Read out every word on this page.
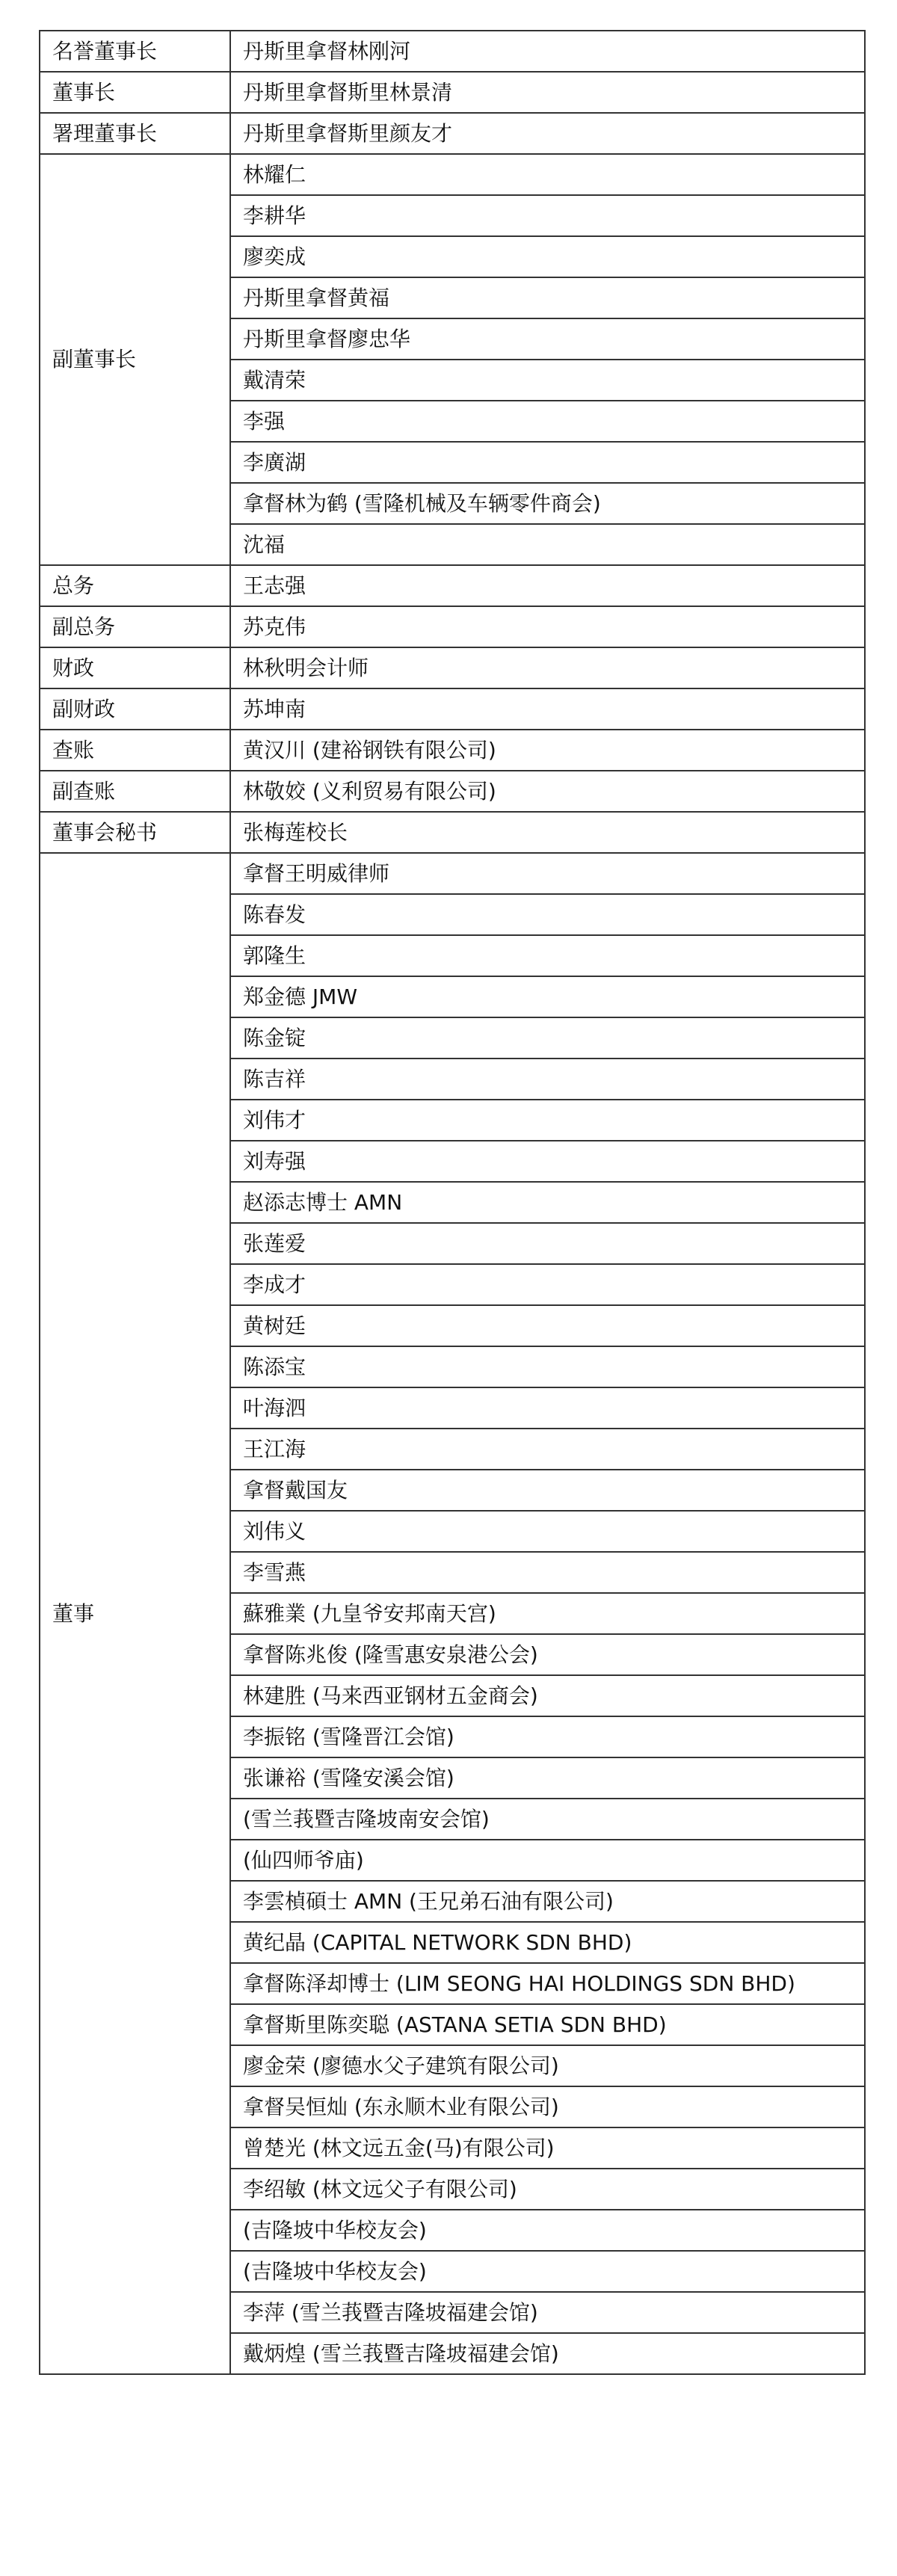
名誉董事长	丹斯里拿督林刚河
董事长	丹斯里拿督斯里林景清
署理董事长	丹斯里拿督斯里颜友才
副董事长	林耀仁
	李耕华
	廖奕成
	丹斯里拿督黄福
	丹斯里拿督廖忠华
	戴清荣
	李强
	李廣湖
	拿督林为鹤 (雪隆机械及车辆零件商会)
	沈福
总务	王志强
副总务	苏克伟
财政	林秋明会计师
副财政	苏坤南
查账	黄汉川 (建裕钢铁有限公司)
副查账	林敬姣 (义利贸易有限公司)
董事会秘书	张梅莲校长
董事	拿督王明威律师
	陈春发
	郭隆生
	郑金德 JMW
	陈金锭
	陈吉祥
	刘伟才
	刘寿强
	赵添志博士 AMN
	张莲爱
	李成才
	黄树廷
	陈添宝
	叶海泗
	王江海
	拿督戴国友
	刘伟义
	李雪燕
	蘇雅業 (九皇爷安邦南天宫)
	拿督陈兆俊 (隆雪惠安泉港公会)
	林建胜 (马来西亚钢材五金商会)
	李振铭 (雪隆晋江会馆)
	张谦裕 (雪隆安溪会馆)
	(雪兰莪暨吉隆坡南安会馆)
	(仙四师爷庙)
	李雲楨碩士 AMN (王兄弟石油有限公司)
	黄纪晶 (CAPITAL NETWORK SDN BHD)
	拿督陈泽却博士 (LIM SEONG HAI HOLDINGS SDN BHD)
	拿督斯里陈奕聪 (ASTANA SETIA SDN BHD)
	廖金荣 (廖德水父子建筑有限公司)
	拿督吴恒灿 (东永顺木业有限公司)
	曾楚光 (林文远五金(马)有限公司)
	李绍敏 (林文远父子有限公司)
	(吉隆坡中华校友会)
	(吉隆坡中华校友会)
	李萍 (雪兰莪暨吉隆坡福建会馆)
	戴炳煌 (雪兰莪暨吉隆坡福建会馆)
